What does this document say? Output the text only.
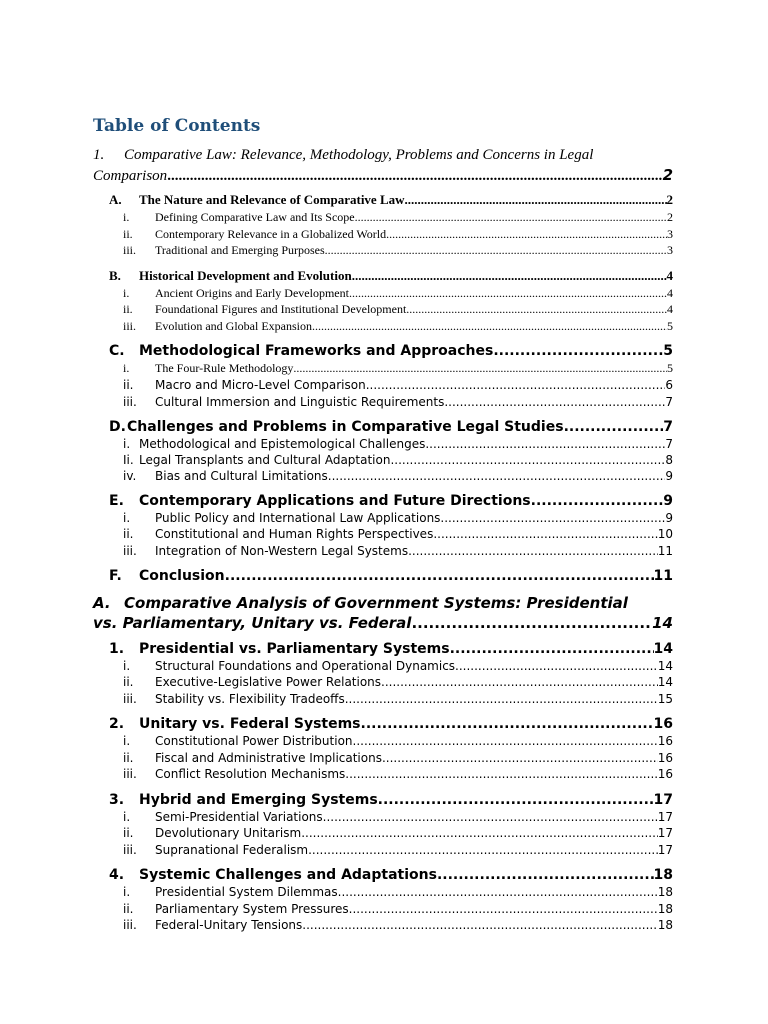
Table of Contents
1. Comparative Law: Relevance, Methodology, Problems and Concerns in Legal
Comparison .....	2
A.	The Nature and Relevance of Comparative Law .....	2
i.	Defining Comparative Law and Its Scope .....	2
ii.	Contemporary Relevance in a Globalized World .....	3
iii.	Traditional and Emerging Purposes .....	3
B.	Historical Development and Evolution .....	4
i.	Ancient Origins and Early Development .....	4
ii.	Foundational Figures and Institutional Development .....	4
iii.	Evolution and Global Expansion .....	5
C.	Methodological Frameworks and Approaches .....	5
i.	The Four-Rule Methodology .....	5
ii.	Macro and Micro-Level Comparison .....	6
iii.	Cultural Immersion and Linguistic Requirements .....	7
D. Challenges and Problems in Comparative Legal Studies .....	7
i. Methodological and Epistemological Challenges .....	7
Ii. Legal Transplants and Cultural Adaptation .....	8
iv.	Bias and Cultural Limitations .....	9
E.	Contemporary Applications and Future Directions .....	9
i.	Public Policy and International Law Applications .....	9
ii.	Constitutional and Human Rights Perspectives .....	10
iii.	Integration of Non-Western Legal Systems .....	11
F.	Conclusion .....	11
A. Comparative Analysis of Government Systems: Presidential
vs. Parliamentary, Unitary vs. Federal .....	14
1.	Presidential vs. Parliamentary Systems .....	14
i.	Structural Foundations and Operational Dynamics .....	14
ii.	Executive-Legislative Power Relations .....	14
iii.	Stability vs. Flexibility Tradeoffs .....	15
2.	Unitary vs. Federal Systems .....	16
i.	Constitutional Power Distribution .....	16
ii.	Fiscal and Administrative Implications .....	16
iii.	Conflict Resolution Mechanisms .....	16
3.	Hybrid and Emerging Systems .....	17
i.	Semi-Presidential Variations .....	17
ii.	Devolutionary Unitarism .....	17
iii.	Supranational Federalism .....	17
4.	Systemic Challenges and Adaptations .....	18
i.	Presidential System Dilemmas .....	18
ii.	Parliamentary System Pressures .....	18
iii.	Federal-Unitary Tensions .....	18
